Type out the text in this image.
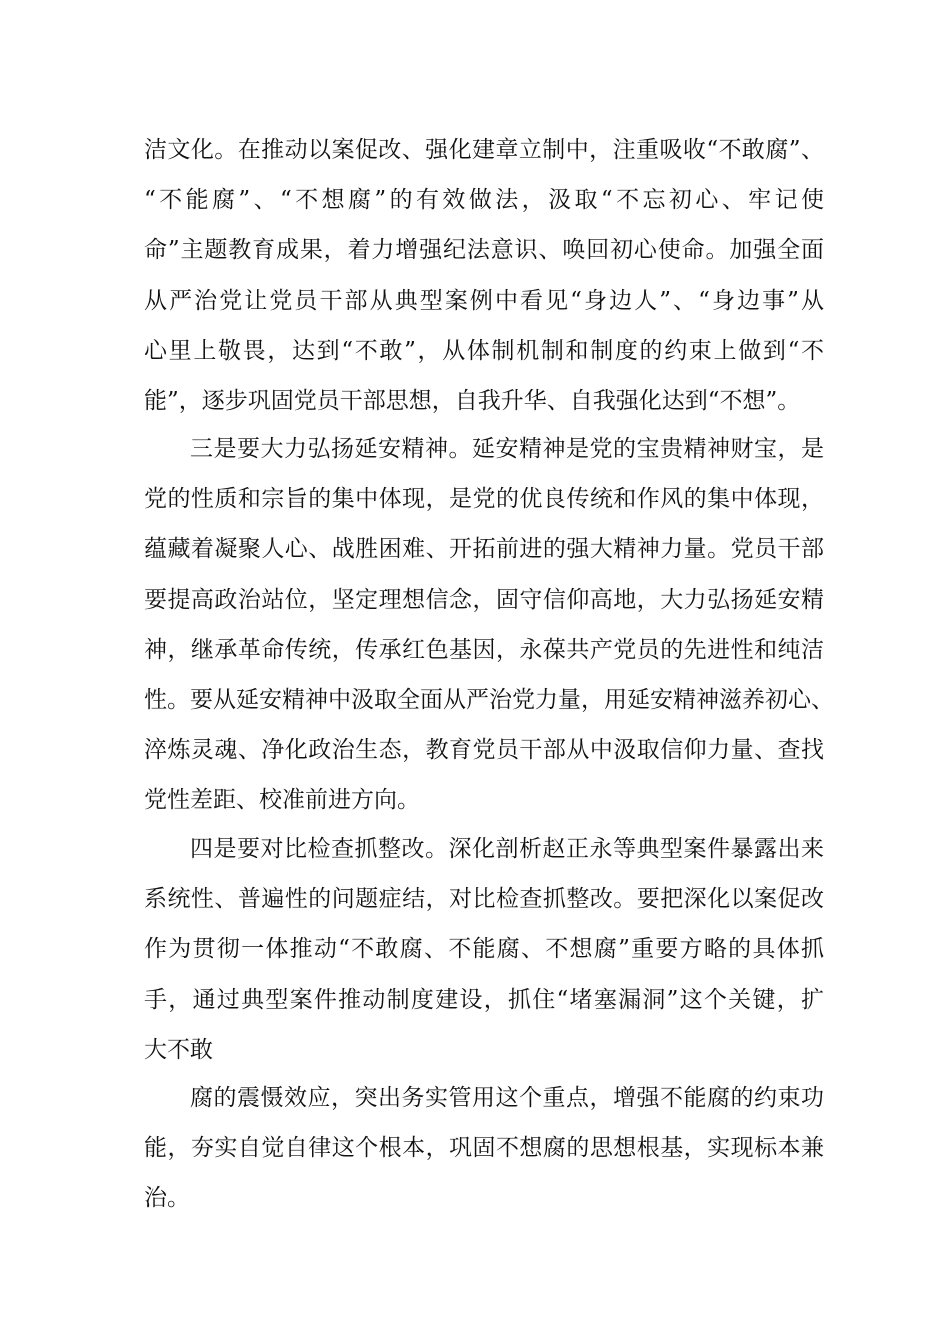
洁文化。在推动以案促改、强化建章立制中，注重吸收“不敢腐”、
“不能腐”、“不想腐”的有效做法，汲取“不忘初心、牢记使
命”主题教育成果，着力增强纪法意识、唤回初心使命。加强全面
从严治党让党员干部从典型案例中看见“身边人”、“身边事”从
心里上敬畏，达到“不敢”，从体制机制和制度的约束上做到“不
能”，逐步巩固党员干部思想，自我升华、自我强化达到“不想”。
三是要大力弘扬延安精神。延安精神是党的宝贵精神财宝，是
党的性质和宗旨的集中体现，是党的优良传统和作风的集中体现，
蕴藏着凝聚人心、战胜困难、开拓前进的强大精神力量。党员干部
要提高政治站位，坚定理想信念，固守信仰高地，大力弘扬延安精
神，继承革命传统，传承红色基因，永葆共产党员的先进性和纯洁
性。要从延安精神中汲取全面从严治党力量，用延安精神滋养初心、
淬炼灵魂、净化政治生态，教育党员干部从中汲取信仰力量、查找
党性差距、校准前进方向。
四是要对比检查抓整改。深化剖析赵正永等典型案件暴露出来
系统性、普遍性的问题症结，对比检查抓整改。要把深化以案促改
作为贯彻一体推动“不敢腐、不能腐、不想腐”重要方略的具体抓
手，通过典型案件推动制度建设，抓住“堵塞漏洞”这个关键，扩
大不敢
腐的震慑效应，突出务实管用这个重点，增强不能腐的约束功
能，夯实自觉自律这个根本，巩固不想腐的思想根基，实现标本兼
治。
